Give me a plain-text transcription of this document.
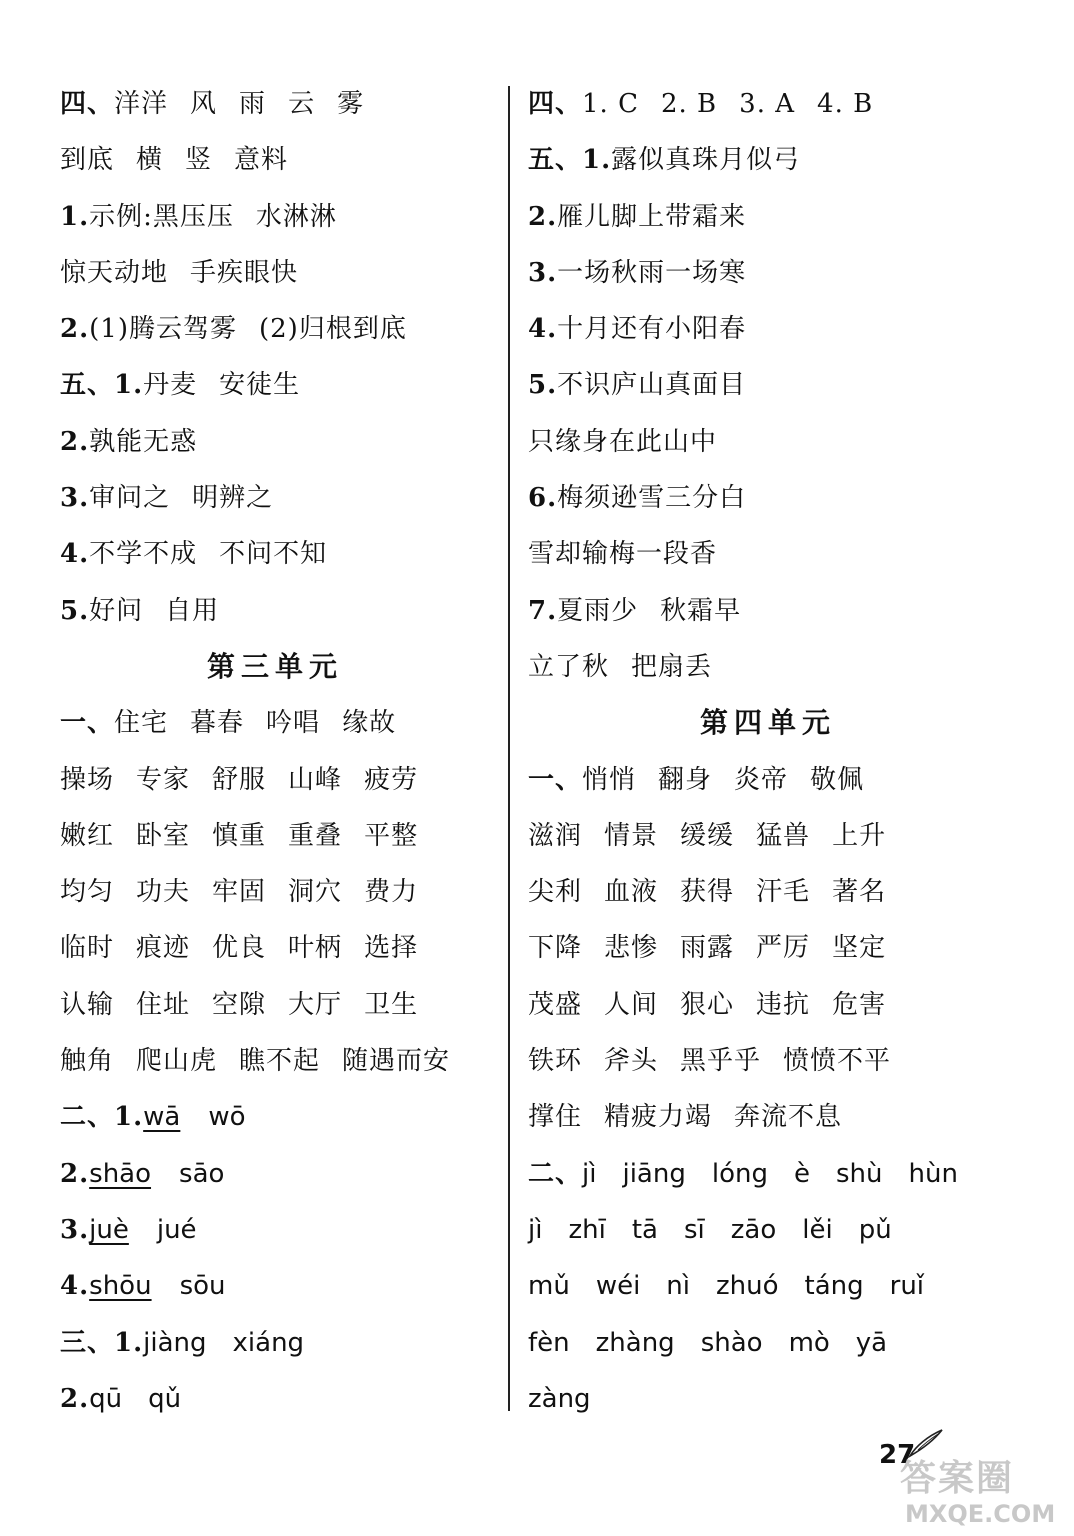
四、洋洋 风 雨 云 雾
到底 横 竖 意料
1.示例:黑压压 水淋淋
惊天动地 手疾眼快
2.(1)腾云驾雾 (2)归根到底
五、1.丹麦 安徒生
2.孰能无惑
3.审问之 明辨之
4.不学不成 不问不知
5.好问 自用
第三单元
一、住宅 暮春 吟唱 缘故
操场 专家 舒服 山峰 疲劳
嫩红 卧室 慎重 重叠 平整
均匀 功夫 牢固 洞穴 费力
临时 痕迹 优良 叶柄 选择
认输 住址 空隙 大厅 卫生
触角 爬山虎 瞧不起 随遇而安
二、1.wā wō
2.shāo sāo
3.juè jué
4.shōu sōu
三、1.jiàng xiáng
2.qū qǔ
四、1. C 2. B 3. A 4. B
五、1.露似真珠月似弓
2.雁儿脚上带霜来
3.一场秋雨一场寒
4.十月还有小阳春
5.不识庐山真面目
只缘身在此山中
6.梅须逊雪三分白
雪却输梅一段香
7.夏雨少 秋霜早
立了秋 把扇丢
第四单元
一、悄悄 翻身 炎帝 敬佩
滋润 情景 缓缓 猛兽 上升
尖利 血液 获得 汗毛 著名
下降 悲惨 雨露 严厉 坚定
茂盛 人间 狠心 违抗 危害
铁环 斧头 黑乎乎 愤愤不平
撑住 精疲力竭 奔流不息
二、jì jiāng lóng è shù hùn
jì zhī tā sī zāo lěi pǔ
mǔ wéi nì zhuó táng ruǐ
fèn zhàng shào mò yā
zàng
27
答案圈
MXQE.COM
